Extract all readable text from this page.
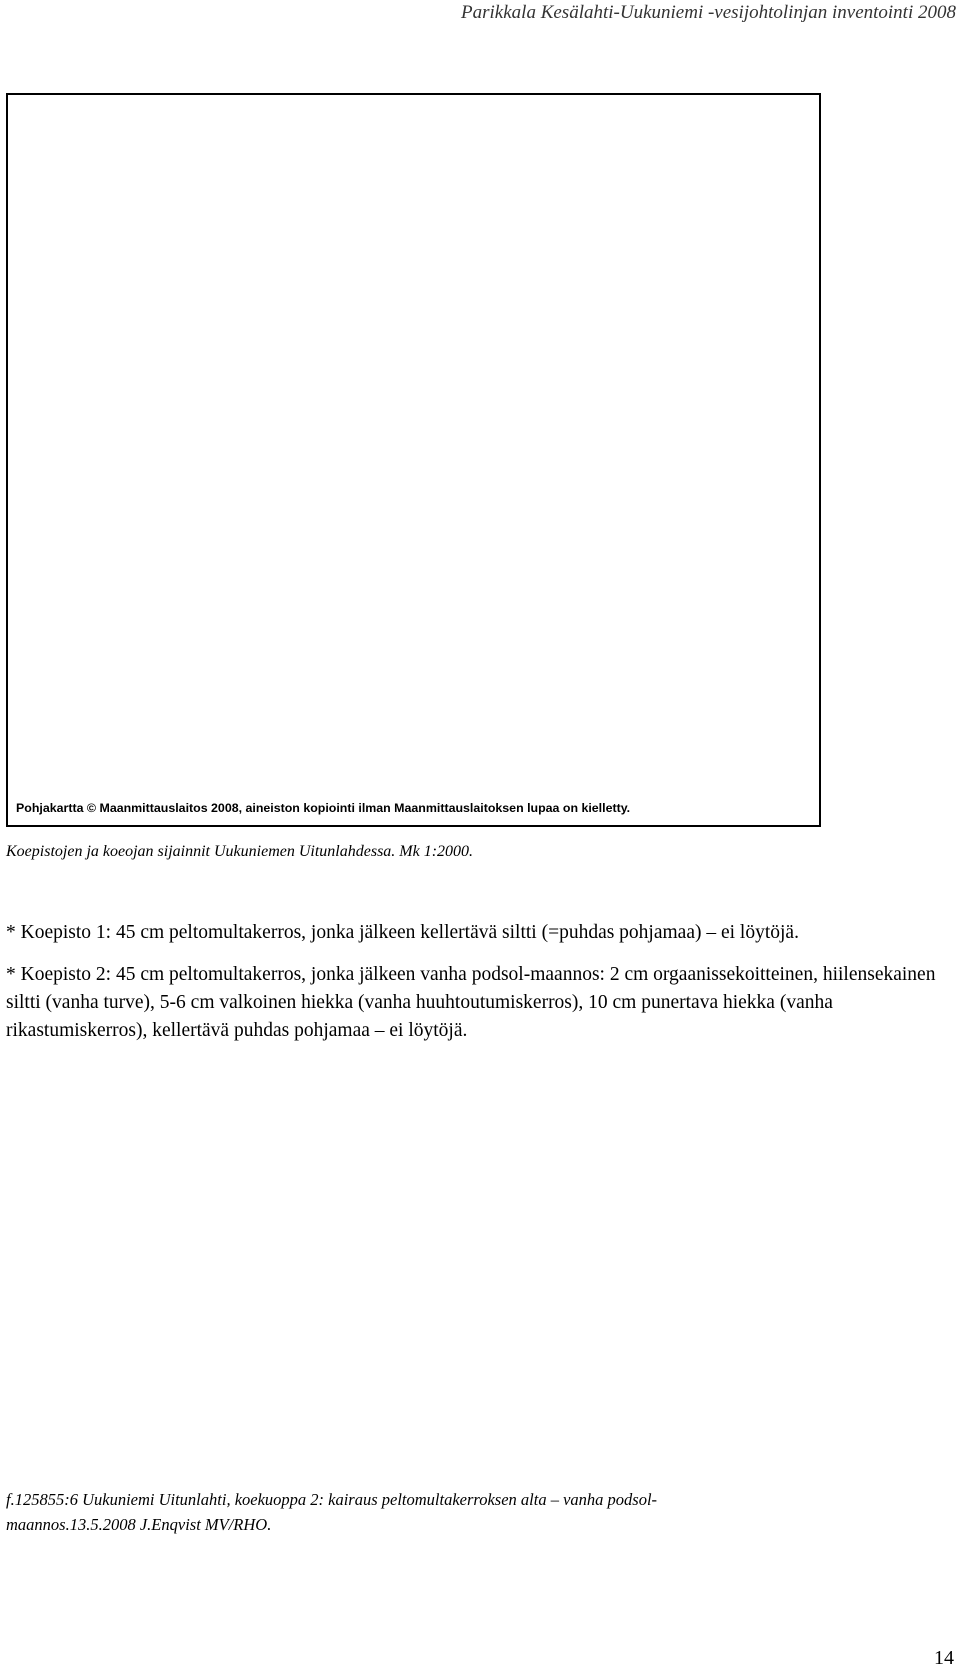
Parikkala Kesälahti-Uukuniemi -vesijohtolinjan inventointi 2008
Pohjakartta © Maanmittauslaitos 2008, aineiston kopiointi ilman Maanmittauslaitoksen lupaa on kielletty.
Koepistojen ja koeojan sijainnit Uukuniemen Uitunlahdessa. Mk 1:2000.
* Koepisto 1: 45 cm peltomultakerros, jonka jälkeen kellertävä siltti (=puhdas pohjamaa) – ei löytöjä.
* Koepisto 2: 45 cm peltomultakerros, jonka jälkeen vanha podsol-maannos: 2 cm orgaanissekoitteinen, hiilensekainen siltti (vanha turve), 5-6 cm valkoinen hiekka (vanha huuhtoutumiskerros), 10 cm punertava hiekka (vanha rikastumiskerros), kellertävä puhdas pohjamaa – ei löytöjä.
f.125855:6 Uukuniemi Uitunlahti, koekuoppa 2: kairaus peltomultakerroksen alta – vanha podsol-maannos.13.5.2008 J.Enqvist MV/RHO.
14
